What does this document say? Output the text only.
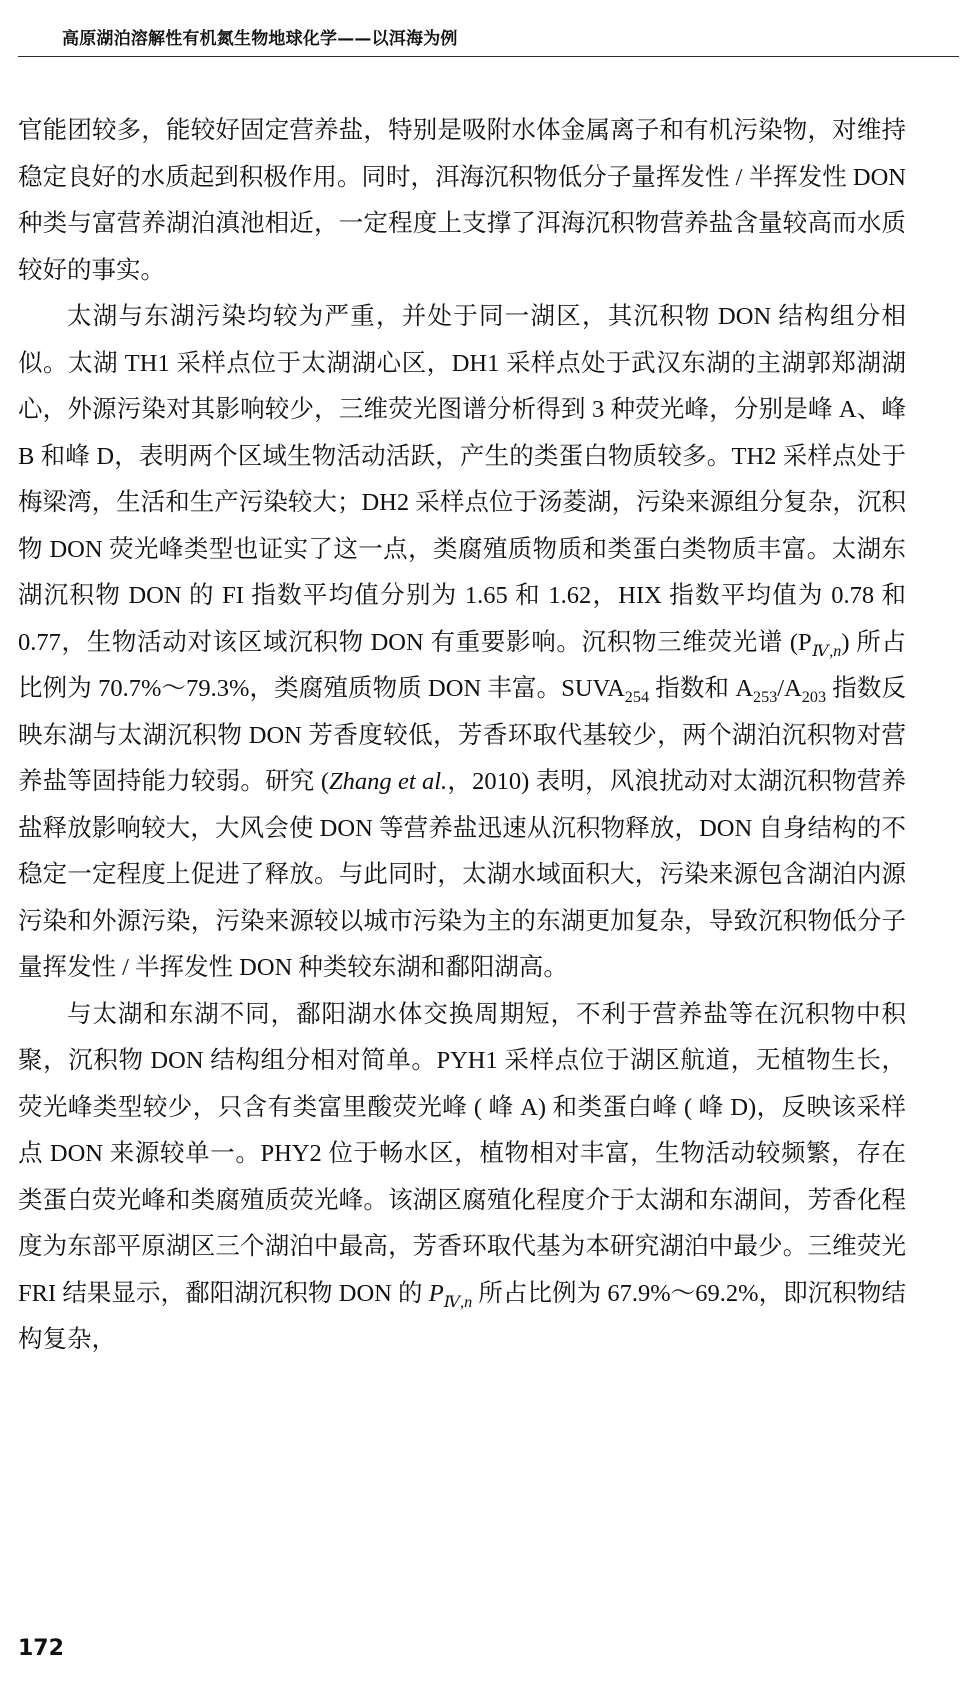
高原湖泊溶解性有机氮生物地球化学——以洱海为例

官能团较多，能较好固定营养盐，特别是吸附水体金属离子和有机污染物，对维持稳定良好的水质起到积极作用。同时，洱海沉积物低分子量挥发性 / 半挥发性 DON 种类与富营养湖泊滇池相近，一定程度上支撑了洱海沉积物营养盐含量较高而水质较好的事实。

太湖与东湖污染均较为严重，并处于同一湖区，其沉积物 DON 结构组分相似。太湖 TH1 采样点位于太湖湖心区，DH1 采样点处于武汉东湖的主湖郭郑湖湖心，外源污染对其影响较少，三维荧光图谱分析得到 3 种荧光峰，分别是峰 A、峰 B 和峰 D，表明两个区域生物活动活跃，产生的类蛋白物质较多。TH2 采样点处于梅梁湾，生活和生产污染较大；DH2 采样点位于汤菱湖，污染来源组分复杂，沉积物 DON 荧光峰类型也证实了这一点，类腐殖质物质和类蛋白类物质丰富。太湖东湖沉积物 DON 的 FI 指数平均值分别为 1.65 和 1.62，HIX 指数平均值为 0.78 和 0.77，生物活动对该区域沉积物 DON 有重要影响。沉积物三维荧光谱 $(P_{Ⅳ,n})$ 所占比例为 70.7%～79.3%，类腐殖质物质 DON 丰富。$SUVA_{254}$ 指数和 $A_{253}/A_{203}$ 指数反映东湖与太湖沉积物 DON 芳香度较低，芳香环取代基较少，两个湖泊沉积物对营养盐等固持能力较弱。研究 (Zhang et al.，2010) 表明，风浪扰动对太湖沉积物营养盐释放影响较大，大风会使 DON 等营养盐迅速从沉积物释放，DON 自身结构的不稳定一定程度上促进了释放。与此同时，太湖水域面积大，污染来源包含湖泊内源污染和外源污染，污染来源较以城市污染为主的东湖更加复杂，导致沉积物低分子量挥发性 / 半挥发性 DON 种类较东湖和鄱阳湖高。

与太湖和东湖不同，鄱阳湖水体交换周期短，不利于营养盐等在沉积物中积聚，沉积物 DON 结构组分相对简单。PYH1 采样点位于湖区航道，无植物生长，荧光峰类型较少，只含有类富里酸荧光峰 ( 峰 A) 和类蛋白峰 ( 峰 D)，反映该采样点 DON 来源较单一。PHY2 位于畅水区，植物相对丰富，生物活动较频繁，存在类蛋白荧光峰和类腐殖质荧光峰。该湖区腐殖化程度介于太湖和东湖间，芳香化程度为东部平原湖区三个湖泊中最高，芳香环取代基为本研究湖泊中最少。三维荧光 FRI 结果显示，鄱阳湖沉积物 DON 的 $P_{Ⅳ,n}$ 所占比例为 67.9%～69.2%，即沉积物结构复杂，

172
